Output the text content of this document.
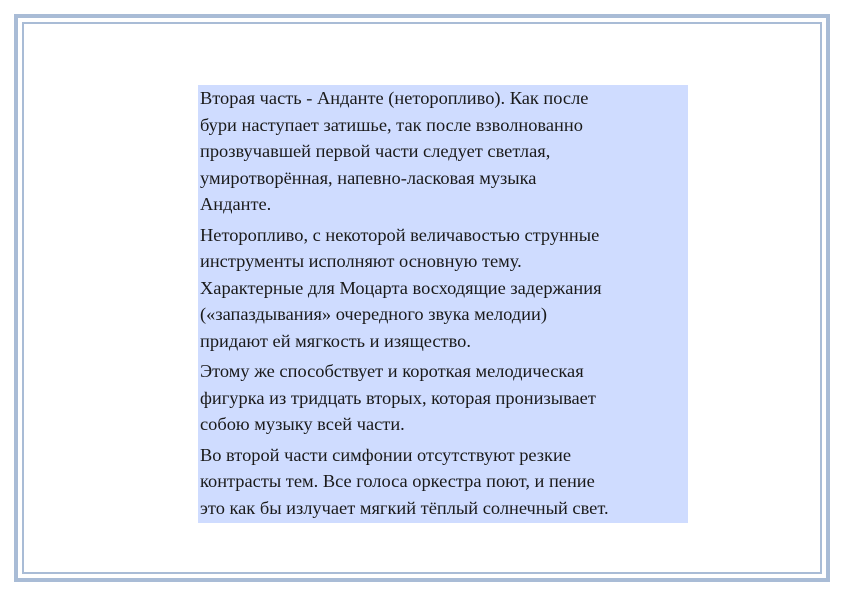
Вторая часть - Анданте (неторопливо). Как после
бури наступает затишье, так после взволнованно
прозвучавшей первой части следует светлая,
умиротворённая, напевно-ласковая музыка
Анданте.

Неторопливо, с некоторой величавостью струнные
инструменты исполняют основную тему.
Характерные для Моцарта восходящие задержания
(«запаздывания» очередного звука мелодии)
придают ей мягкость и изящество.

Этому же способствует и короткая мелодическая
фигурка из тридцать вторых, которая пронизывает
собою музыку всей части.

Во второй части симфонии отсутствуют резкие
контрасты тем. Все голоса оркестра поют, и пение
это как бы излучает мягкий тёплый солнечный свет.
